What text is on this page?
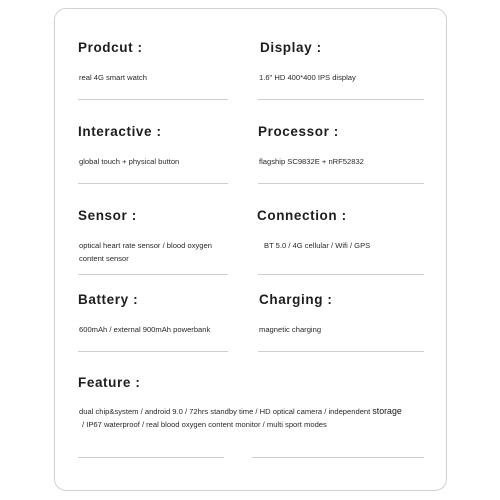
Prodcut :
real 4G smart watch
Display :
1.6" HD 400*400 IPS display
Interactive :
global touch + physical button
Processor :
flagship SC9832E + nRF52832
Sensor :
optical heart rate sensor / blood oxygen
content sensor
Connection :
BT 5.0 / 4G cellular / Wifi / GPS
Battery :
600mAh / external 900mAh powerbank
Charging :
magnetic charging
Feature :
dual chip&system / android 9.0 / 72hrs standby time / HD optical camera / independent storage
/ IP67 waterproof / real blood oxygen content monitor / multi sport modes
